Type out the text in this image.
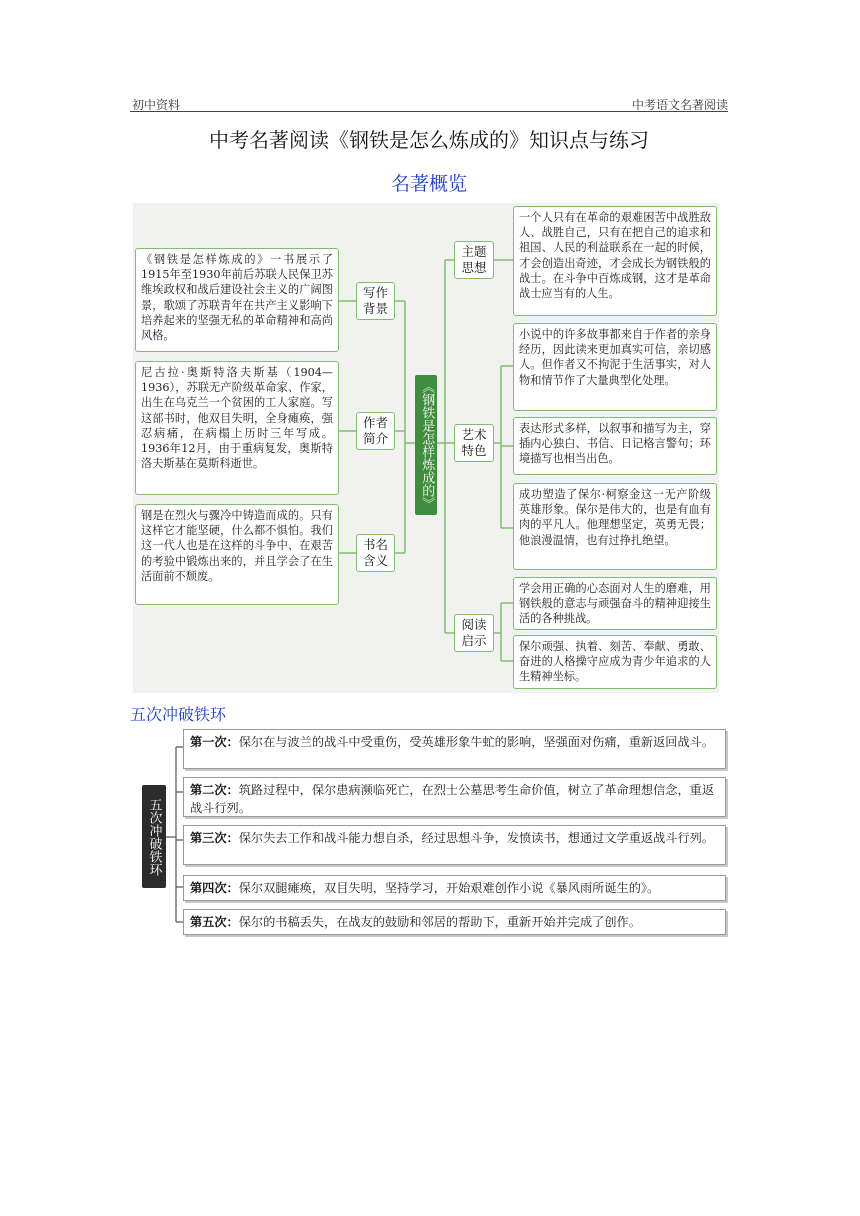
初中资料	中考语文名著阅读
中考名著阅读《钢铁是怎么炼成的》知识点与练习
名著概览
《钢铁是怎样炼成的》一书展示了1915年至1930年前后苏联人民保卫苏维埃政权和战后建设社会主义的广阔图景，歌颂了苏联青年在共产主义影响下培养起来的坚强无私的革命精神和高尚风格。
尼古拉·奥斯特洛夫斯基（1904—1936），苏联无产阶级革命家、作家，出生在乌克兰一个贫困的工人家庭。写这部书时，他双目失明，全身瘫痪，强忍病痛，在病榻上历时三年写成。1936年12月，由于重病复发，奥斯特洛夫斯基在莫斯科逝世。
钢是在烈火与骤冷中铸造而成的。只有这样它才能坚硬，什么都不惧怕。我们这一代人也是在这样的斗争中、在艰苦的考验中锻炼出来的，并且学会了在生活面前不颓废。
写作背景
作者简介
书名含义
《钢铁是怎样炼成的》
主题思想
艺术特色
阅读启示
一个人只有在革命的艰难困苦中战胜敌人、战胜自己，只有在把自己的追求和祖国、人民的利益联系在一起的时候，才会创造出奇迹，才会成长为钢铁般的战士。在斗争中百炼成钢，这才是革命战士应当有的人生。
小说中的许多故事都来自于作者的亲身经历，因此读来更加真实可信，亲切感人。但作者又不拘泥于生活事实，对人物和情节作了大量典型化处理。
表达形式多样，以叙事和描写为主，穿插内心独白、书信、日记格言警句；环境描写也相当出色。
成功塑造了保尔·柯察金这一无产阶级英雄形象。保尔是伟大的，也是有血有肉的平凡人。他理想坚定，英勇无畏；他浪漫温情，也有过挣扎绝望。
学会用正确的心态面对人生的磨难，用钢铁般的意志与顽强奋斗的精神迎接生活的各种挑战。
保尔顽强、执着、刻苦、奉献、勇敢、奋进的人格操守应成为青少年追求的人生精神坐标。
五次冲破铁环
五次冲破铁环
第一次：保尔在与波兰的战斗中受重伤，受英雄形象牛虻的影响，坚强面对伤痛，重新返回战斗。
第二次：筑路过程中，保尔患病濒临死亡，在烈士公墓思考生命价值，树立了革命理想信念，重返战斗行列。
第三次：保尔失去工作和战斗能力想自杀，经过思想斗争，发愤读书，想通过文学重返战斗行列。
第四次：保尔双腿瘫痪，双目失明，坚持学习，开始艰难创作小说《暴风雨所诞生的》。
第五次：保尔的书稿丢失，在战友的鼓励和邻居的帮助下，重新开始并完成了创作。
